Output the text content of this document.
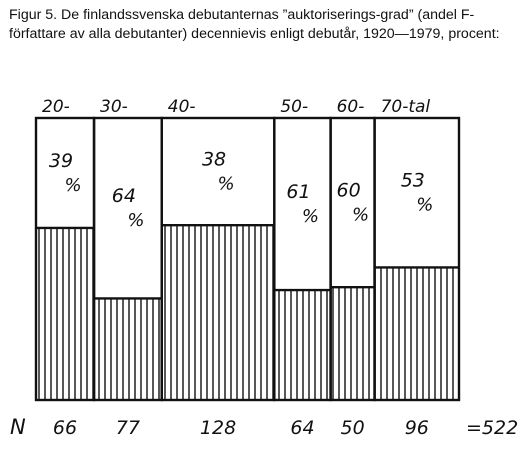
Figur 5. De finlandssvenska debutanternas ”auktoriserings-grad” (andel F-författare av alla debutanter) decennievis enligt debutår, 1920—1979, procent:

20-
39
%
66
30-
64
%
77
40-
38
%
128
50-
61
%
64
60-
60
%
50
70-tal
53
%
96
N	=522
